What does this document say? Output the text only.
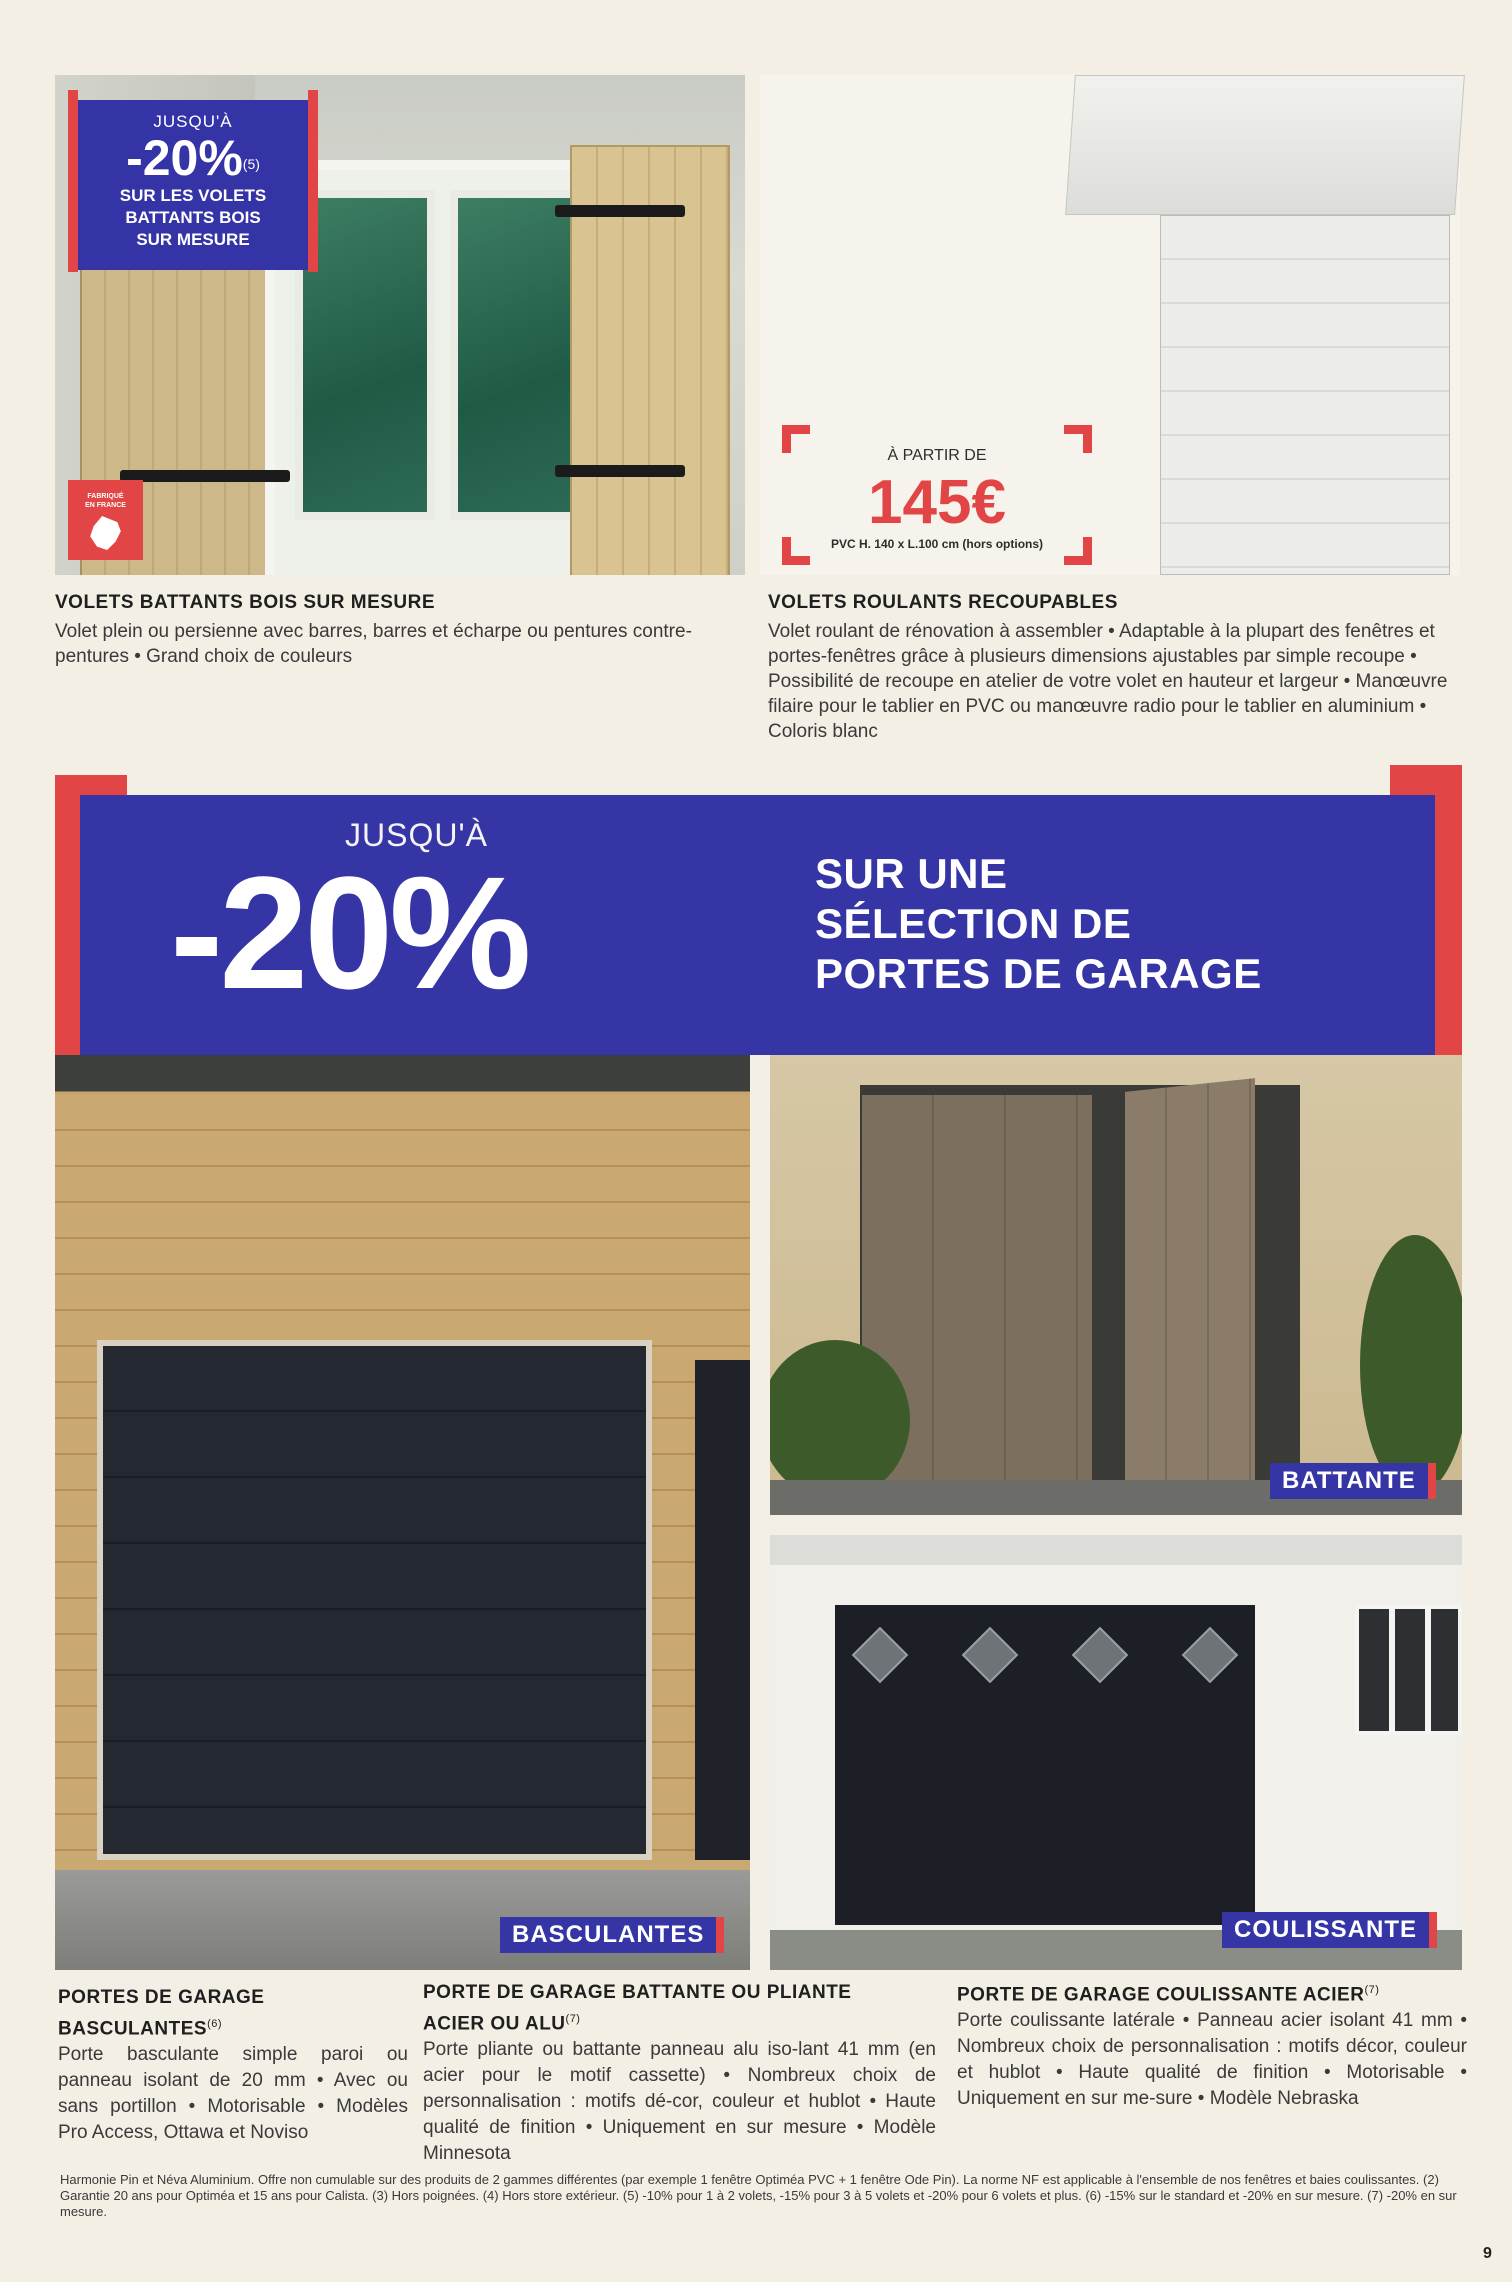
JUSQU'À
-20%$^{(5)}$
SUR LES VOLETS
BATTANTS BOIS
SUR MESURE
FABRIQUÉ
EN FRANCE
À PARTIR DE
145€
PVC H. 140 x L.100 cm (hors options)
VOLETS BATTANTS BOIS SUR MESURE

Volet plein ou persienne avec barres, barres et écharpe ou pentures contre-pentures • Grand choix de couleurs

VOLETS ROULANTS RECOUPABLES

Volet roulant de rénovation à assembler • Adaptable à la plupart des fenêtres et portes-fenêtres grâce à plusieurs dimensions ajustables par simple recoupe • Possibilité de recoupe en atelier de votre volet en hauteur et largeur • Manœuvre filaire pour le tablier en PVC ou manœuvre radio pour le tablier en aluminium • Coloris blanc

JUSQU'À
-20%	SUR UNE
SÉLECTION DE
PORTES DE GARAGE
BASCULANTES
BATTANTE
COULISSANTE
PORTES DE GARAGE
BASCULANTES$^{(6)}$

Porte basculante simple paroi ou panneau isolant de 20 mm • Avec ou sans portillon • Motorisable • Modèles Pro Access, Ottawa et Noviso

PORTE DE GARAGE BATTANTE OU PLIANTE
ACIER OU ALU$^{(7)}$

Porte pliante ou battante panneau alu iso-lant 41 mm (en acier pour le motif cassette) • Nombreux choix de personnalisation : motifs dé-cor, couleur et hublot • Haute qualité de finition • Uniquement en sur mesure • Modèle Minnesota

PORTE DE GARAGE COULISSANTE ACIER$^{(7)}$

Porte coulissante latérale • Panneau acier isolant 41 mm • Nombreux choix de personnalisation : motifs décor, couleur et hublot • Haute qualité de finition • Motorisable • Uniquement en sur me-sure • Modèle Nebraska

Harmonie Pin et Néva Aluminium. Offre non cumulable sur des produits de 2 gammes différentes (par exemple 1 fenêtre Optiméa PVC + 1 fenêtre Ode Pin). La norme NF est applicable à l'ensemble de nos fenêtres et baies coulissantes. (2) Garantie 20 ans pour Optiméa et 15 ans pour Calista. (3) Hors poignées. (4) Hors store extérieur. (5) -10% pour 1 à 2 volets, -15% pour 3 à 5 volets et -20% pour 6 volets et plus. (6) -15% sur le standard et -20% en sur mesure. (7) -20% en sur mesure.
9
